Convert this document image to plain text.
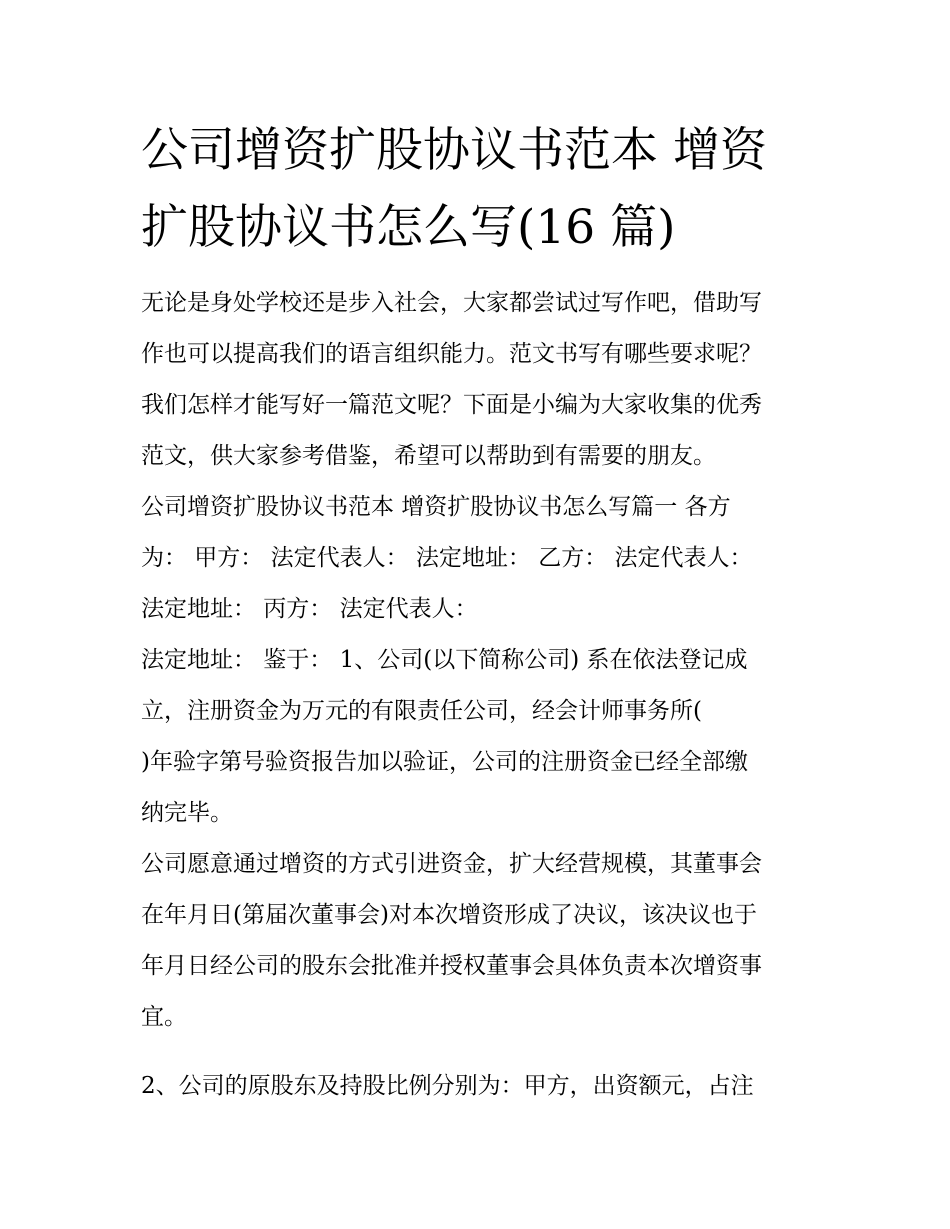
公司增资扩股协议书范本 增资
扩股协议书怎么写(16 篇)

无论是身处学校还是步入社会，大家都尝试过写作吧，借助写
作也可以提高我们的语言组织能力。范文书写有哪些要求呢？
我们怎样才能写好一篇范文呢？下面是小编为大家收集的优秀
范文，供大家参考借鉴，希望可以帮助到有需要的朋友。

公司增资扩股协议书范本 增资扩股协议书怎么写篇一 各方
为： 甲方： 法定代表人： 法定地址： 乙方： 法定代表人：
法定地址： 丙方： 法定代表人：

法定地址： 鉴于： 1、公司(以下简称公司) 系在依法登记成
立，注册资金为万元的有限责任公司，经会计师事务所(
)年验字第号验资报告加以验证，公司的注册资金已经全部缴
纳完毕。

公司愿意通过增资的方式引进资金，扩大经营规模，其董事会
在年月日(第届次董事会)对本次增资形成了决议，该决议也于
年月日经公司的股东会批准并授权董事会具体负责本次增资事
宜。

2、公司的原股东及持股比例分别为：甲方，出资额元，占注
